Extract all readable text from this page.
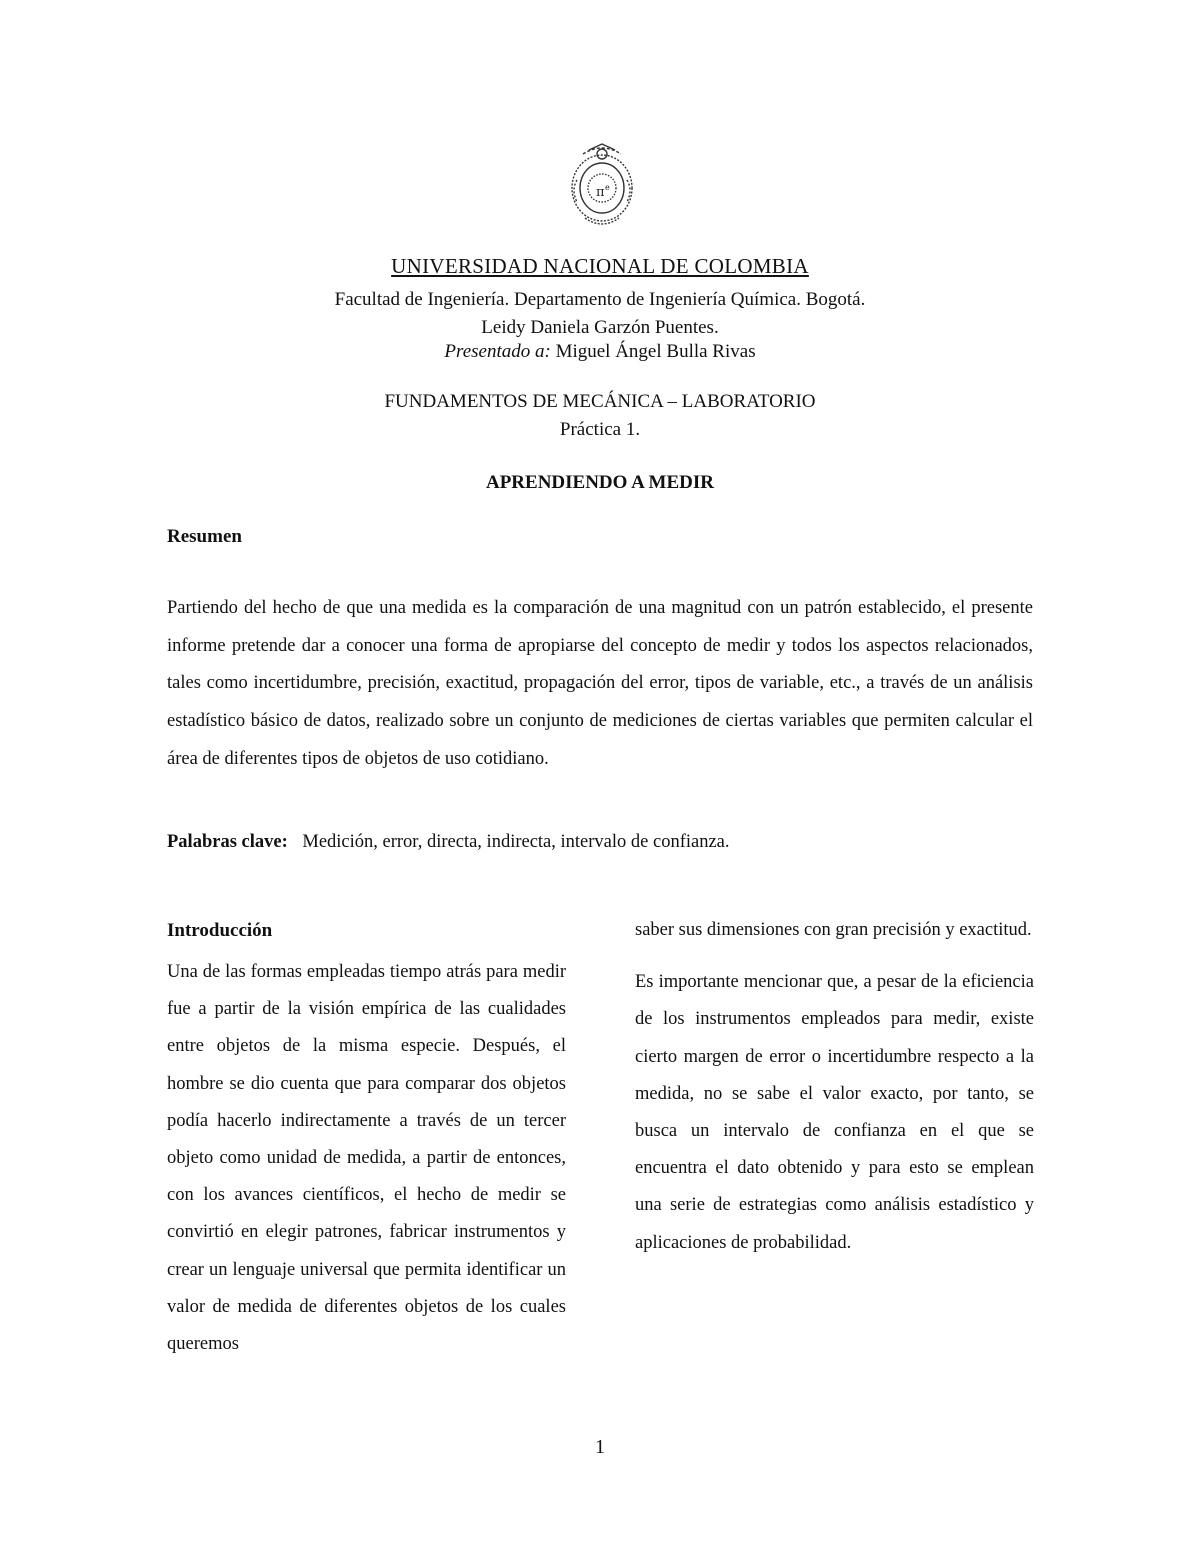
π e
UNIVERSIDAD NACIONAL DE COLOMBIA
Facultad de Ingeniería. Departamento de Ingeniería Química. Bogotá.
Leidy Daniela Garzón Puentes.
Presentado a: Miguel Ángel Bulla Rivas
FUNDAMENTOS DE MECÁNICA – LABORATORIO
Práctica 1.
APRENDIENDO A MEDIR
Resumen

Partiendo del hecho de que una medida es la comparación de una magnitud con un patrón establecido, el presente informe pretende dar a conocer una forma de apropiarse del concepto de medir y todos los aspectos relacionados, tales como incertidumbre, precisión, exactitud, propagación del error, tipos de variable, etc., a través de un análisis estadístico básico de datos, realizado sobre un conjunto de mediciones de ciertas variables que permiten calcular el área de diferentes tipos de objetos de uso cotidiano.

Palabras clave: Medición, error, directa, indirecta, intervalo de confianza.
Introducción

Una de las formas empleadas tiempo atrás para medir fue a partir de la visión empírica de las cualidades entre objetos de la misma especie. Después, el hombre se dio cuenta que para comparar dos objetos podía hacerlo indirectamente a través de un tercer objeto como unidad de medida, a partir de entonces, con los avances científicos, el hecho de medir se convirtió en elegir patrones, fabricar instrumentos y crear un lenguaje universal que permita identificar un valor de medida de diferentes objetos de los cuales queremos

saber sus dimensiones con gran precisión y exactitud.

Es importante mencionar que, a pesar de la eficiencia de los instrumentos empleados para medir, existe cierto margen de error o incertidumbre respecto a la medida, no se sabe el valor exacto, por tanto, se busca un intervalo de confianza en el que se encuentra el dato obtenido y para esto se emplean una serie de estrategias como análisis estadístico y aplicaciones de probabilidad.

1
